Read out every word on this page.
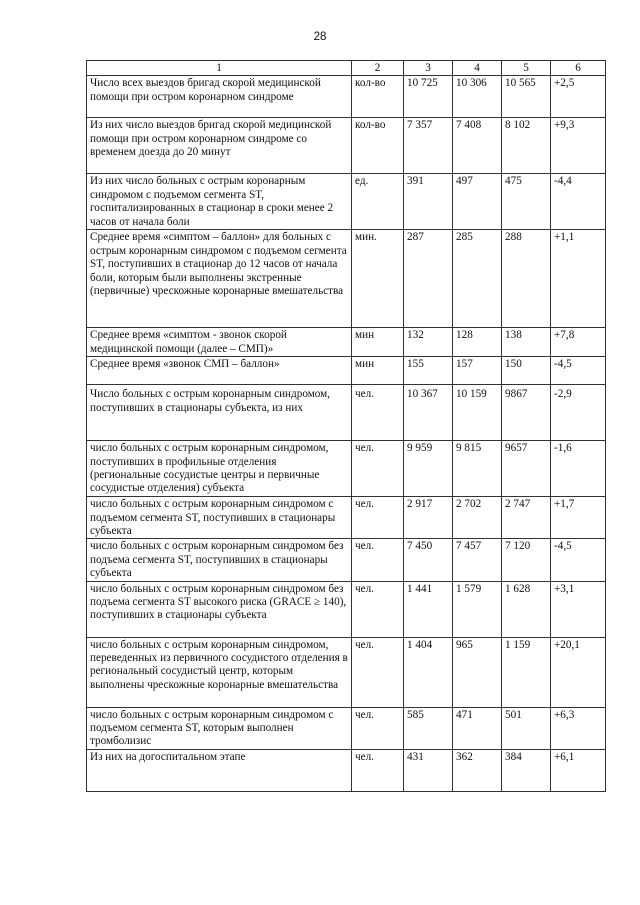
28
1	2	3	4	5	6
Число всех выездов бригад скорой медицинской помощи при остром коронарном синдроме	кол-во	10 725	10 306	10 565	+2,5
Из них число выездов бригад скорой медицинской помощи при остром коронарном синдроме со временем доезда до 20 минут	кол-во	7 357	7 408	8 102	+9,3
Из них число больных с острым коронарным синдромом с подъемом сегмента ST, госпитализированных в стационар в сроки менее 2 часов от начала боли	ед.	391	497	475	-4,4
Среднее время «симптом – баллон» для больных с острым коронарным синдромом с подъемом сегмента ST, поступивших в стационар до 12 часов от начала боли, которым были выполнены экстренные (первичные) чрескожные коронарные вмешательства	мин.	287	285	288	+1,1
Среднее время «симптом - звонок скорой медицинской помощи (далее – СМП)»	мин	132	128	138	+7,8
Среднее время «звонок СМП – баллон»	мин	155	157	150	-4,5
Число больных с острым коронарным синдромом, поступивших в стационары субъекта, из них	чел.	10 367	10 159	9867	-2,9
число больных с острым коронарным синдромом, поступивших в профильные отделения (региональные сосудистые центры и первичные сосудистые отделения) субъекта	чел.	9 959	9 815	9657	-1,6
число больных с острым коронарным синдромом с подъемом сегмента ST, поступивших в стационары субъекта	чел.	2 917	2 702	2 747	+1,7
число больных с острым коронарным синдромом без подъема сегмента ST, поступивших в стационары субъекта	чел.	7 450	7 457	7 120	-4,5
число больных с острым коронарным синдромом без подъема сегмента ST высокого риска (GRACE ≥ 140), поступивших в стационары субъекта	чел.	1 441	1 579	1 628	+3,1
число больных с острым коронарным синдромом, переведенных из первичного сосудистого отделения в региональный сосудистый центр, которым выполнены чрескожные коронарные вмешательства	чел.	1 404	965	1 159	+20,1
число больных с острым коронарным синдромом с подъемом сегмента ST, которым выполнен тромболизис	чел.	585	471	501	+6,3
Из них на догоспитальном этапе	чел.	431	362	384	+6,1
